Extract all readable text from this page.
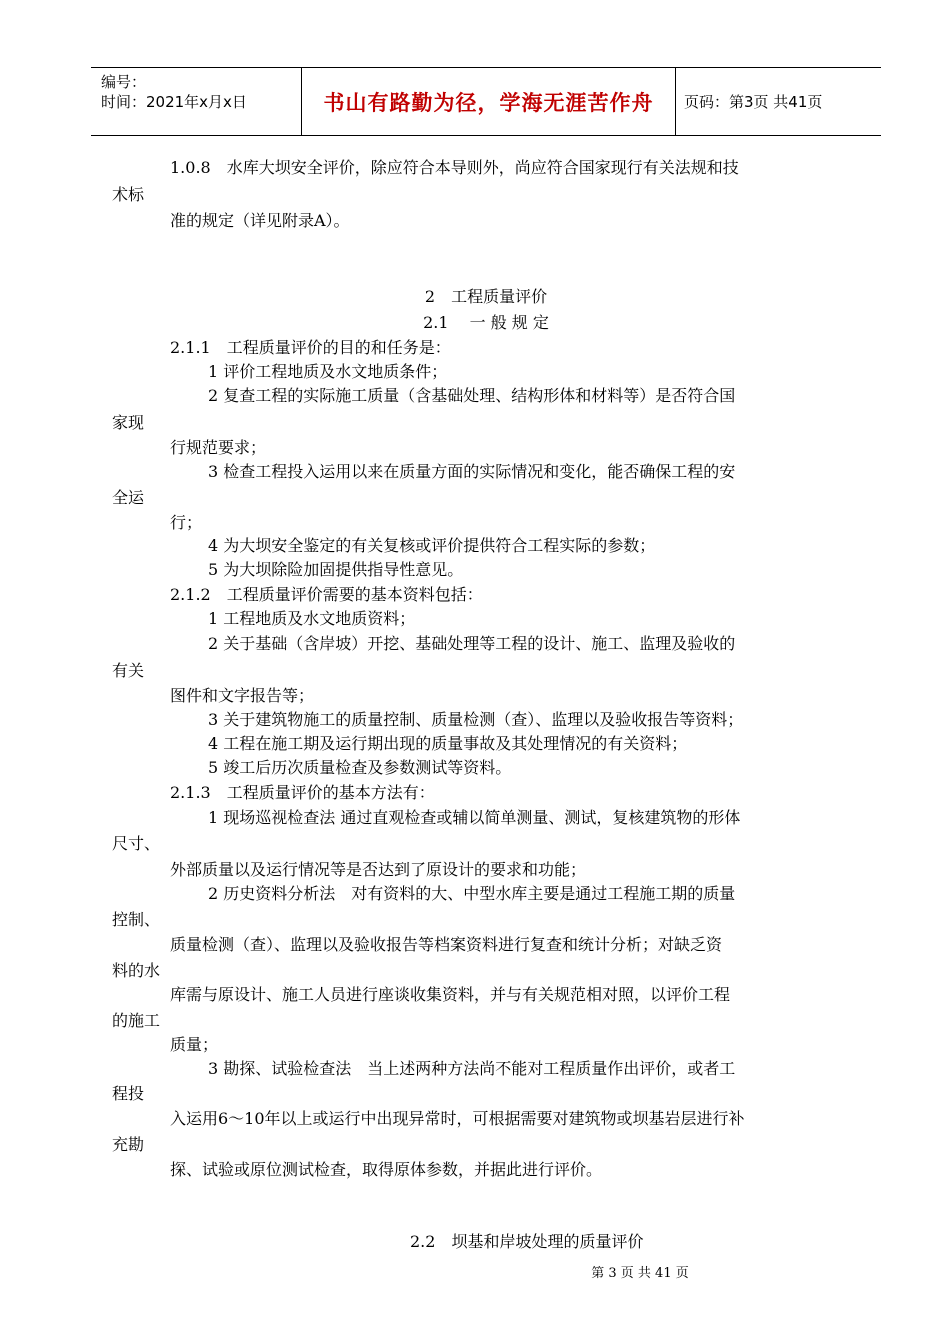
编号：
时间：2021年x月x日	书山有路勤为径，学海无涯苦作舟	页码：第3页 共41页
1.0.8　水库大坝安全评价，除应符合本导则外，尚应符合国家现行有关法规和技
术标
准的规定（详见附录A）。
2　工程质量评价
2.1　 一 般 规 定
2.1.1　工程质量评价的目的和任务是：
1 评价工程地质及水文地质条件；
2 复查工程的实际施工质量（含基础处理、结构形体和材料等）是否符合国
家现
行规范要求；
3 检查工程投入运用以来在质量方面的实际情况和变化，能否确保工程的安
全运
行；
4 为大坝安全鉴定的有关复核或评价提供符合工程实际的参数；
5 为大坝除险加固提供指导性意见。
2.1.2　工程质量评价需要的基本资料包括：
1 工程地质及水文地质资料；
2 关于基础（含岸坡）开挖、基础处理等工程的设计、施工、监理及验收的
有关
图件和文字报告等；
3 关于建筑物施工的质量控制、质量检测（查）、监理以及验收报告等资料；
4 工程在施工期及运行期出现的质量事故及其处理情况的有关资料；
5 竣工后历次质量检查及参数测试等资料。
2.1.3　工程质量评价的基本方法有：
1 现场巡视检查法 通过直观检查或辅以简单测量、测试，复核建筑物的形体
尺寸、
外部质量以及运行情况等是否达到了原设计的要求和功能；
2 历史资料分析法　对有资料的大、中型水库主要是通过工程施工期的质量
控制、
质量检测（查）、监理以及验收报告等档案资料进行复查和统计分析；对缺乏资
料的水
库需与原设计、施工人员进行座谈收集资料，并与有关规范相对照，以评价工程
的施工
质量；
3 勘探、试验检查法　当上述两种方法尚不能对工程质量作出评价，或者工
程投
入运用6～10年以上或运行中出现异常时，可根据需要对建筑物或坝基岩层进行补
充勘
探、试验或原位测试检查，取得原体参数，并据此进行评价。
2.2　坝基和岸坡处理的质量评价
第 3 页 共 41 页
